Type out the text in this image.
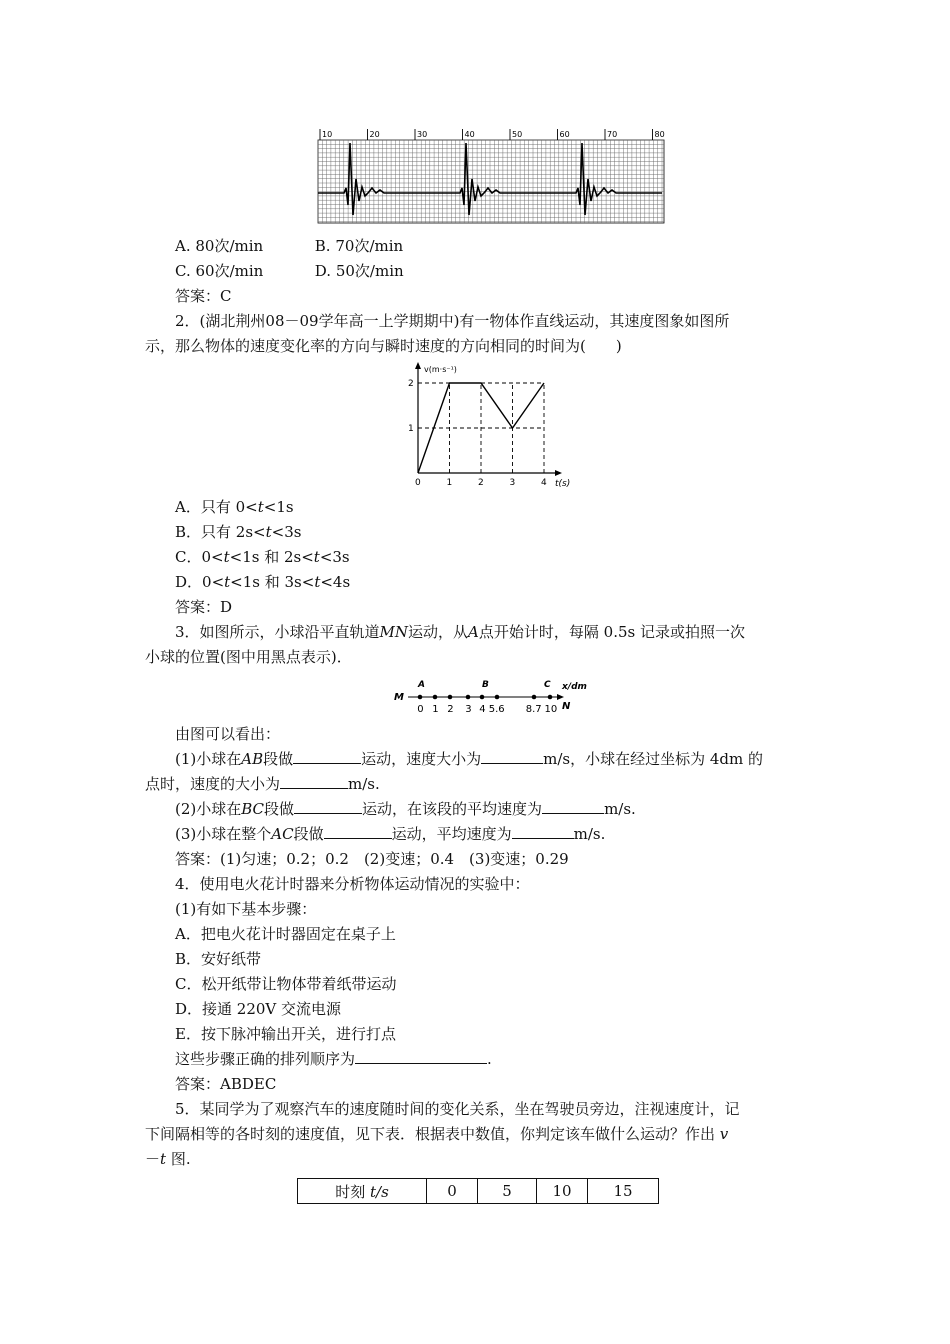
10	20	30	40	50	60	70	80
A. 80次/min	B. 70次/min
C. 60次/min	D. 50次/min
答案：C
2．(湖北荆州08－09学年高一上学期期中)有一物体作直线运动，其速度图象如图所
示，那么物体的速度变化率的方向与瞬时速度的方向相同的时间为(　　)
v(m·s⁻¹)
t(s)
0	1	2	3	4
1
2
A．只有 0<t<1s
B．只有 2s<t<3s
C．0<t<1s 和 2s<t<3s
D．0<t<1s 和 3s<t<4s
答案：D
3．如图所示，小球沿平直轨道MN运动，从A点开始计时，每隔 0.5s 记录或拍照一次
小球的位置(图中用黑点表示)．
M
x/dm
N
A	B	C
0 1 2 3 4 5.6 8.7 10
由图可以看出：
(1)小球在AB段做	运动，速度大小为	m/s，小球在经过坐标为 4dm 的
点时，速度的大小为	m/s.
(2)小球在BC段做	运动，在该段的平均速度为	m/s.
(3)小球在整个AC段做	运动，平均速度为	m/s.
答案：(1)匀速；0.2；0.2　(2)变速；0.4　(3)变速；0.29
4．使用电火花计时器来分析物体运动情况的实验中：
(1)有如下基本步骤：
A．把电火花计时器固定在桌子上
B．安好纸带
C．松开纸带让物体带着纸带运动
D．接通 220V 交流电源
E．按下脉冲输出开关，进行打点
这些步骤正确的排列顺序为	.
答案：ABDEC
5．某同学为了观察汽车的速度随时间的变化关系，坐在驾驶员旁边，注视速度计，记
下间隔相等的各时刻的速度值，见下表．根据表中数值，你判定该车做什么运动？作出 v
－t 图.
时刻 t/s	0	5	10	15
